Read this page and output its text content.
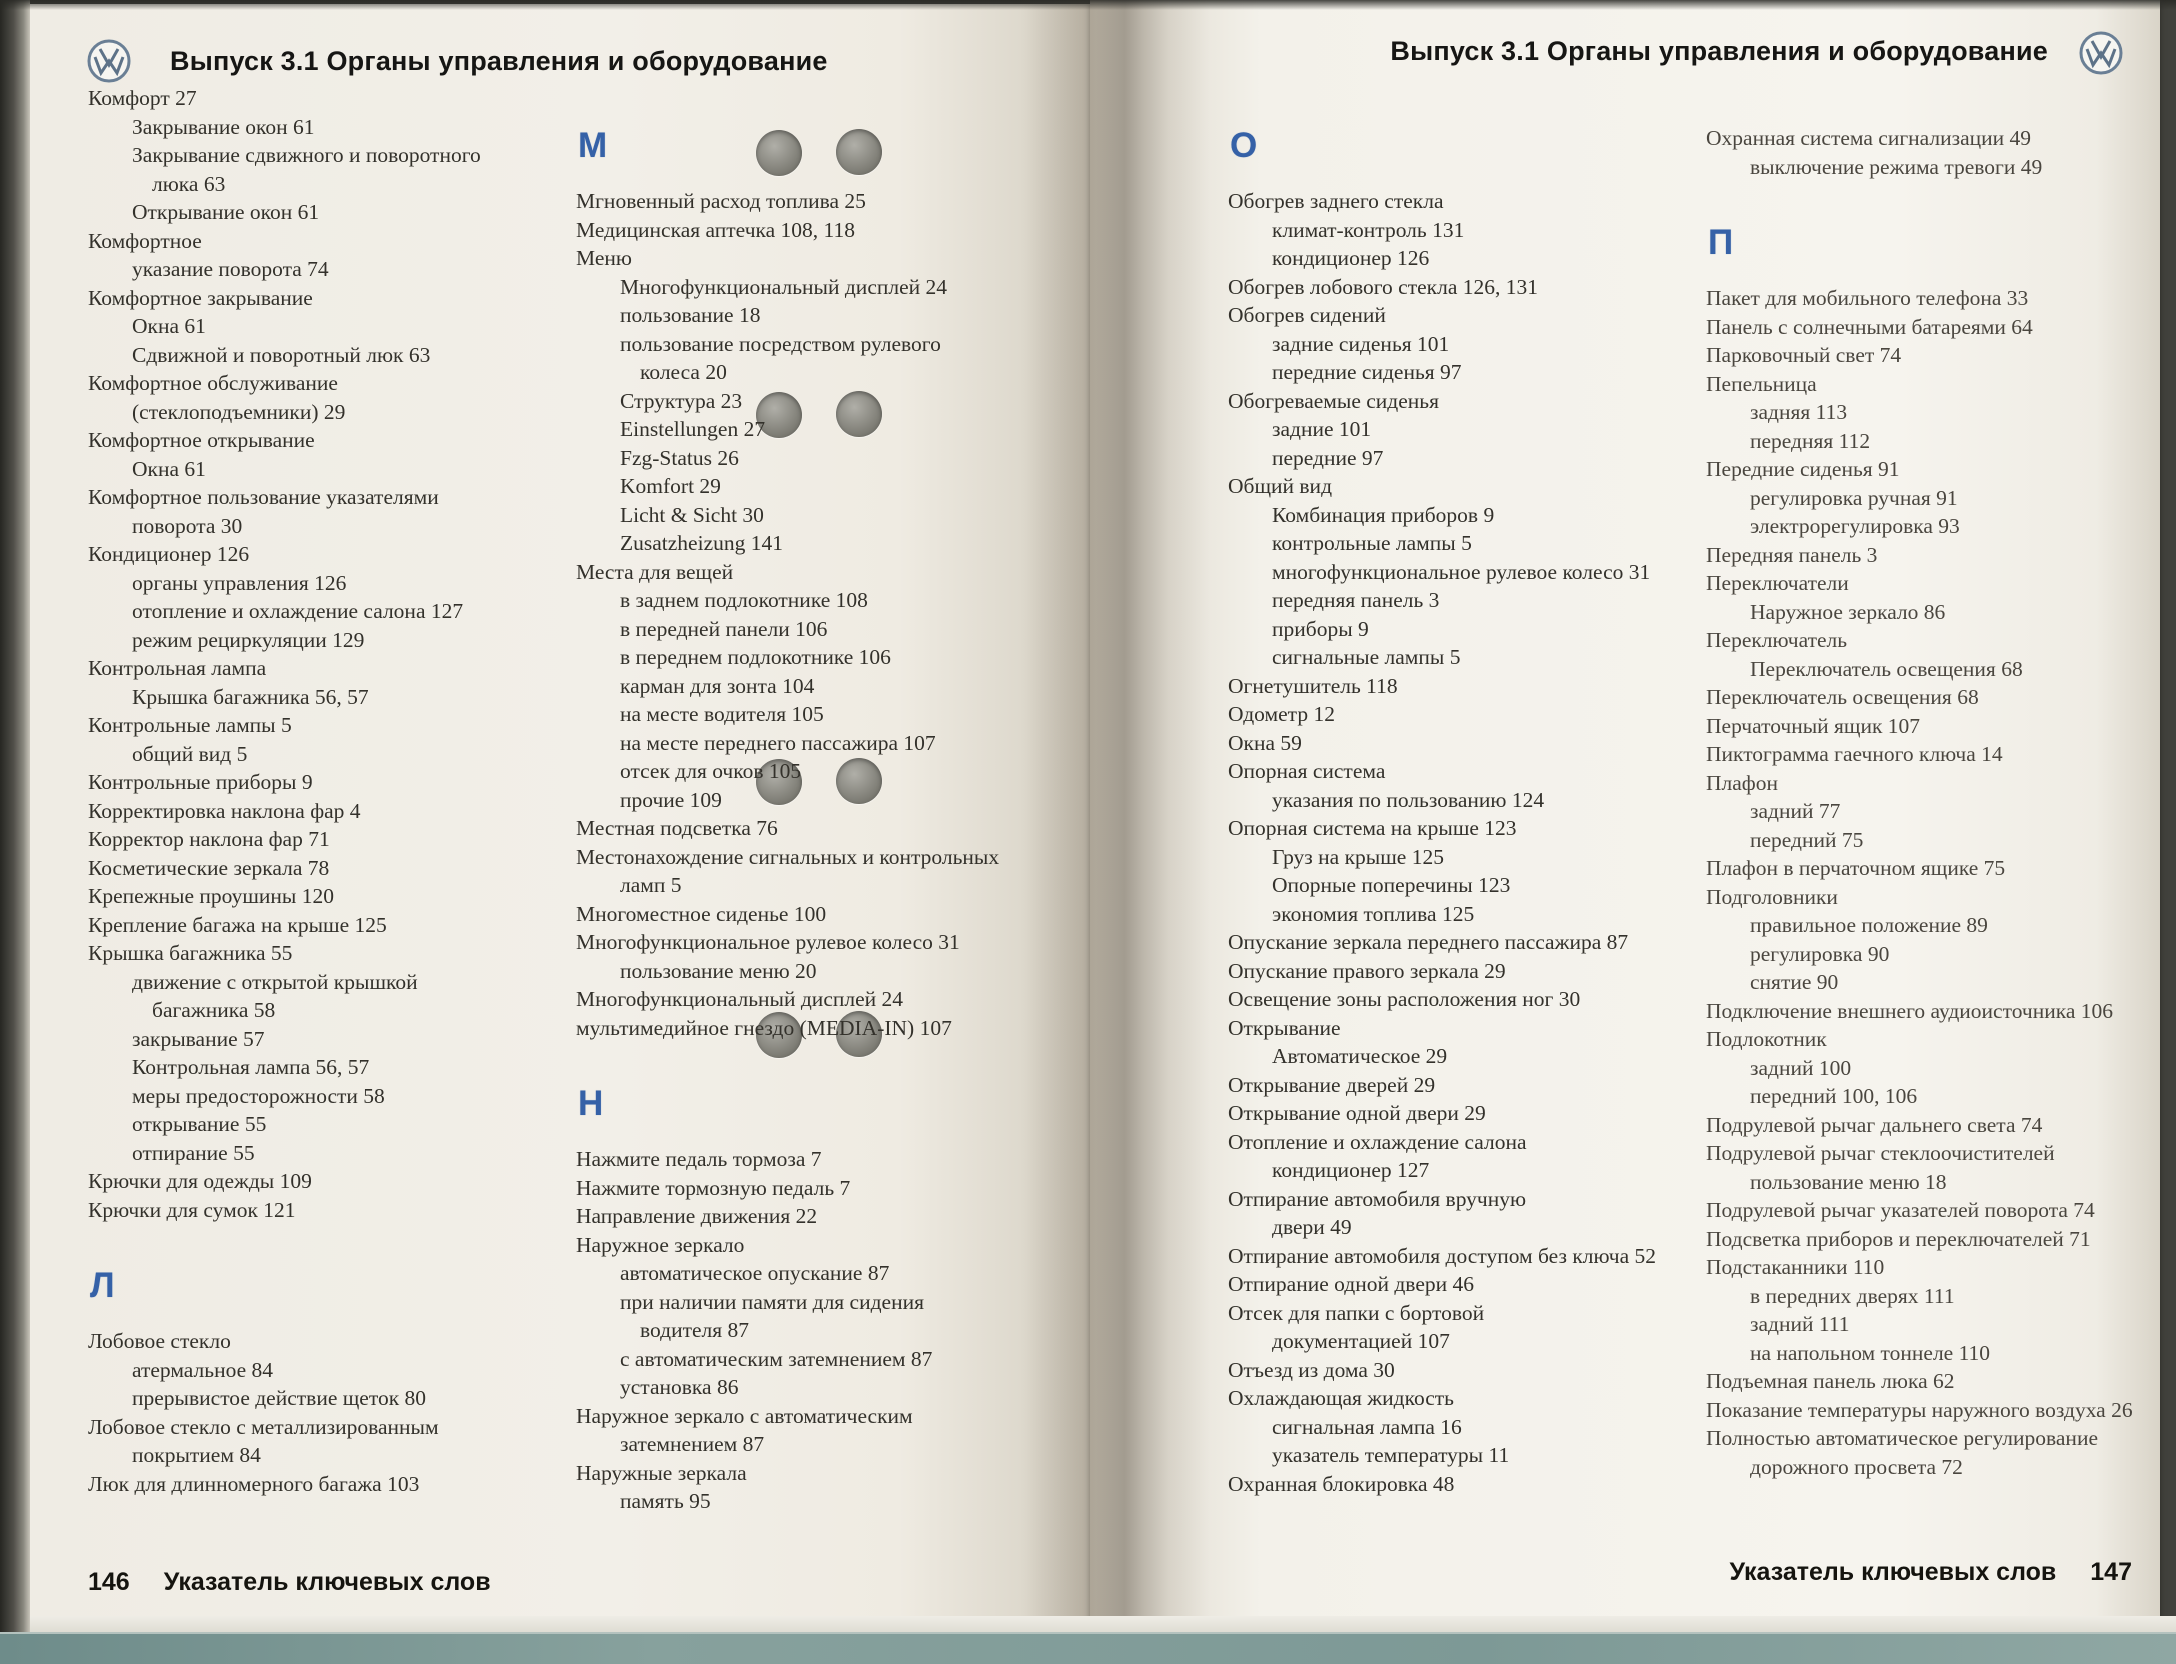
Выпуск 3.1 Органы управления и оборудование	Выпуск 3.1 Органы управления и оборудование
Комфорт 27
Закрывание окон 61
Закрывание сдвижного и поворотного
люка 63
Открывание окон 61
Комфортное
указание поворота 74
Комфортное закрывание
Окна 61
Сдвижной и поворотный люк 63
Комфортное обслуживание
(стеклоподъемники) 29
Комфортное открывание
Окна 61
Комфортное пользование указателями
поворота 30
Кондиционер 126
органы управления 126
отопление и охлаждение салона 127
режим рециркуляции 129
Контрольная лампа
Крышка багажника 56, 57
Контрольные лампы 5
общий вид 5
Контрольные приборы 9
Корректировка наклона фар 4
Корректор наклона фар 71
Косметические зеркала 78
Крепежные проушины 120
Крепление багажа на крыше 125
Крышка багажника 55
движение с открытой крышкой
багажника 58
закрывание 57
Контрольная лампа 56, 57
меры предосторожности 58
открывание 55
отпирание 55
Крючки для одежды 109
Крючки для сумок 121
Л
Лобовое стекло
атермальное 84
прерывистое действие щеток 80
Лобовое стекло с металлизированным
покрытием 84
Люк для длинномерного багажа 103
М
Мгновенный расход топлива 25
Медицинская аптечка 108, 118
Меню
Многофункциональный дисплей 24
пользование 18
пользование посредством рулевого
колеса 20
Структура 23
Einstellungen 27
Fzg-Status 26
Komfort 29
Licht & Sicht 30
Zusatzheizung 141
Места для вещей
в заднем подлокотнике 108
в передней панели 106
в переднем подлокотнике 106
карман для зонта 104
на месте водителя 105
на месте переднего пассажира 107
отсек для очков 105
прочие 109
Местная подсветка 76
Местонахождение сигнальных и контрольных
ламп 5
Многоместное сиденье 100
Многофункциональное рулевое колесо 31
пользование меню 20
Многофункциональный дисплей 24
мультимедийное гнездо (MEDIA-IN) 107
Н
Нажмите педаль тормоза 7
Нажмите тормозную педаль 7
Направление движения 22
Наружное зеркало
автоматическое опускание 87
при наличии памяти для сидения
водителя 87
с автоматическим затемнением 87
установка 86
Наружное зеркало с автоматическим
затемнением 87
Наружные зеркала
память 95
О
Обогрев заднего стекла
климат-контроль 131
кондиционер 126
Обогрев лобового стекла 126, 131
Обогрев сидений
задние сиденья 101
передние сиденья 97
Обогреваемые сиденья
задние 101
передние 97
Общий вид
Комбинация приборов 9
контрольные лампы 5
многофункциональное рулевое колесо 31
передняя панель 3
приборы 9
сигнальные лампы 5
Огнетушитель 118
Одометр 12
Окна 59
Опорная система
указания по пользованию 124
Опорная система на крыше 123
Груз на крыше 125
Опорные поперечины 123
экономия топлива 125
Опускание зеркала переднего пассажира 87
Опускание правого зеркала 29
Освещение зоны расположения ног 30
Открывание
Автоматическое 29
Открывание дверей 29
Открывание одной двери 29
Отопление и охлаждение салона
кондиционер 127
Отпирание автомобиля вручную
двери 49
Отпирание автомобиля доступом без ключа 52
Отпирание одной двери 46
Отсек для папки с бортовой
документацией 107
Отъезд из дома 30
Охлаждающая жидкость
сигнальная лампа 16
указатель температуры 11
Охранная блокировка 48
Охранная система сигнализации 49
выключение режима тревоги 49
П
Пакет для мобильного телефона 33
Панель с солнечными батареями 64
Парковочный свет 74
Пепельница
задняя 113
передняя 112
Передние сиденья 91
регулировка ручная 91
электрорегулировка 93
Передняя панель 3
Переключатели
Наружное зеркало 86
Переключатель
Переключатель освещения 68
Переключатель освещения 68
Перчаточный ящик 107
Пиктограмма гаечного ключа 14
Плафон
задний 77
передний 75
Плафон в перчаточном ящике 75
Подголовники
правильное положение 89
регулировка 90
снятие 90
Подключение внешнего аудиоисточника 106
Подлокотник
задний 100
передний 100, 106
Подрулевой рычаг дальнего света 74
Подрулевой рычаг стеклоочистителей
пользование меню 18
Подрулевой рычаг указателей поворота 74
Подсветка приборов и переключателей 71
Подстаканники 110
в передних дверях 111
задний 111
на напольном тоннеле 110
Подъемная панель люка 62
Показание температуры наружного воздуха 26
Полностью автоматическое регулирование
дорожного просвета 72
146 Указатель ключевых слов	Указатель ключевых слов 147
